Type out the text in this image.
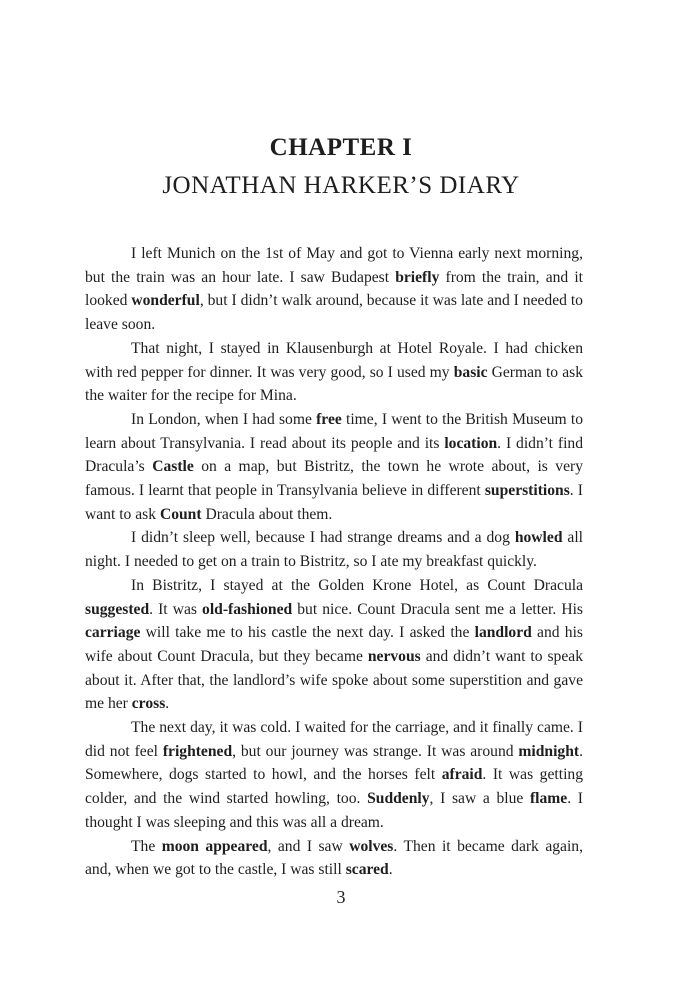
CHAPTER I
JONATHAN HARKER’S DIARY

I left Munich on the 1st of May and got to Vienna early next morning, but the train was an hour late. I saw Budapest briefly from the train, and it looked wonderful, but I didn’t walk around, because it was late and I needed to leave soon.

That night, I stayed in Klausenburgh at Hotel Royale. I had chicken with red pepper for dinner. It was very good, so I used my basic German to ask the waiter for the recipe for Mina.

In London, when I had some free time, I went to the British Museum to learn about Transylvania. I read about its people and its location. I didn’t find Dracula’s Castle on a map, but Bistritz, the town he wrote about, is very famous. I learnt that people in Transylvania believe in different superstitions. I want to ask Count Dracula about them.

I didn’t sleep well, because I had strange dreams and a dog howled all night. I needed to get on a train to Bistritz, so I ate my breakfast quickly.

In Bistritz, I stayed at the Golden Krone Hotel, as Count Dracula suggested. It was old-fashioned but nice. Count Dracula sent me a letter. His carriage will take me to his castle the next day. I asked the landlord and his wife about Count Dracula, but they became nervous and didn’t want to speak about it. After that, the landlord’s wife spoke about some superstition and gave me her cross.

The next day, it was cold. I waited for the carriage, and it finally came. I did not feel frightened, but our journey was strange. It was around midnight. Somewhere, dogs started to howl, and the horses felt afraid. It was getting colder, and the wind started howling, too. Suddenly, I saw a blue flame. I thought I was sleeping and this was all a dream.

The moon appeared, and I saw wolves. Then it became dark again, and, when we got to the castle, I was still scared.

3
